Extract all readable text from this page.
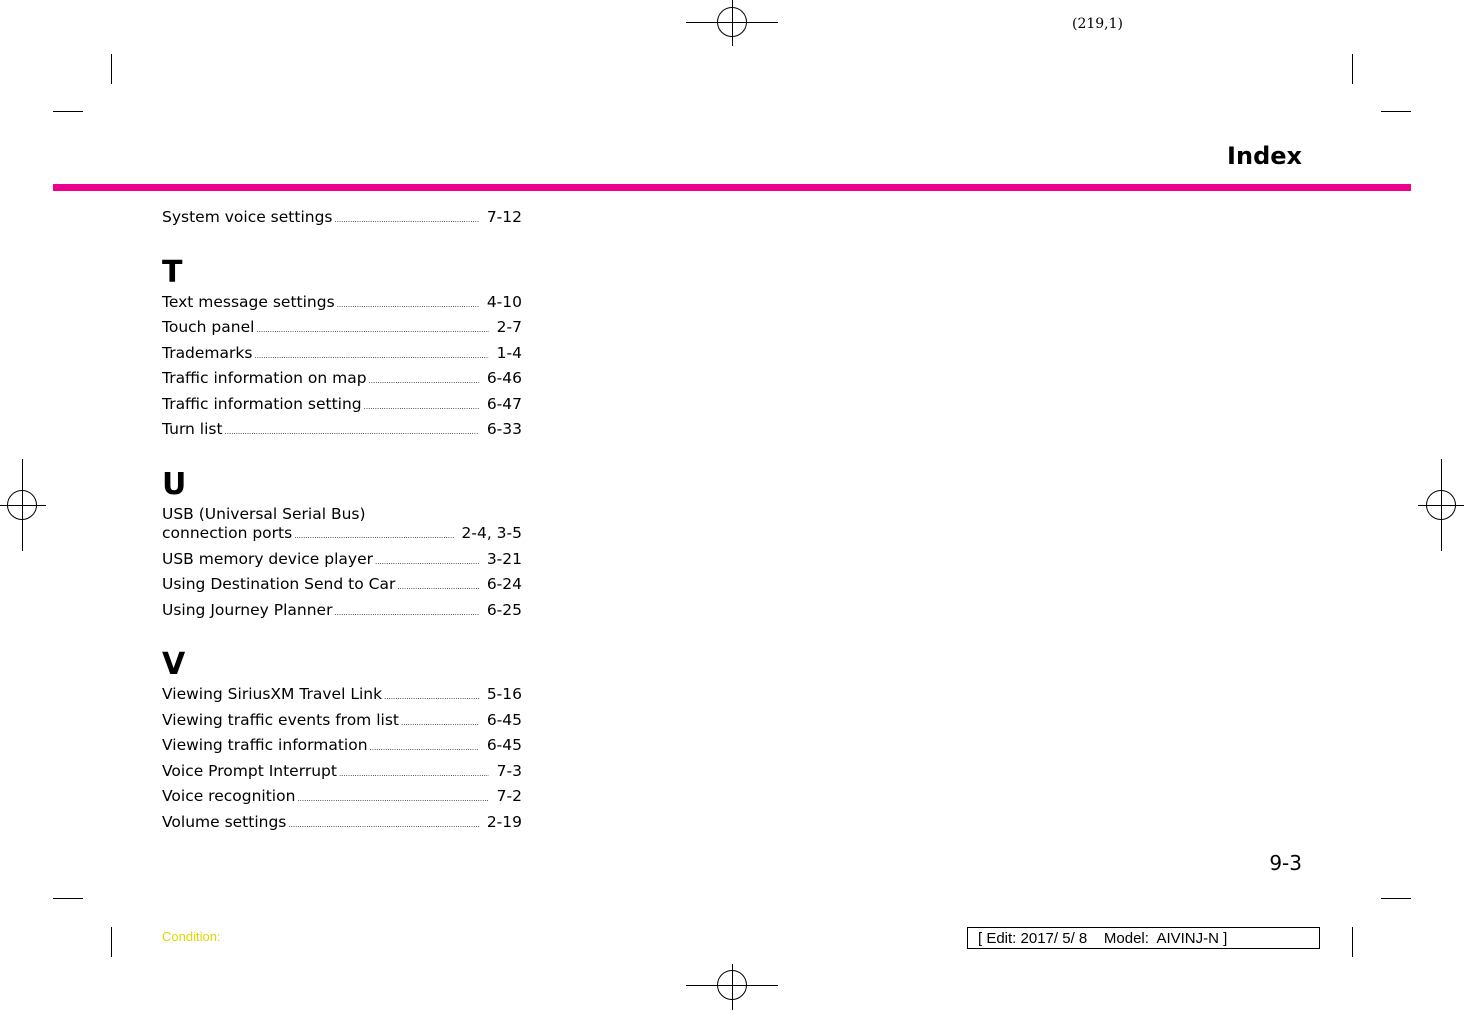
(219,1)
Index
System voice settings .....	7-12
T
Text message settings .....	4-10
Touch panel .....	2-7
Trademarks .....	1-4
Traffic information on map .....	6-46
Traffic information setting .....	6-47
Turn list .....	6-33
U
USB (Universal Serial Bus)
connection ports .....	2-4, 3-5
USB memory device player .....	3-21
Using Destination Send to Car .....	6-24
Using Journey Planner .....	6-25
V
Viewing SiriusXM Travel Link .....	5-16
Viewing traffic events from list .....	6-45
Viewing traffic information .....	6-45
Voice Prompt Interrupt .....	7-3
Voice recognition .....	7-2
Volume settings .....	2-19
9-3
Condition:	[ Edit: 2017/ 5/ 8    Model:  AIVINJ-N ]
